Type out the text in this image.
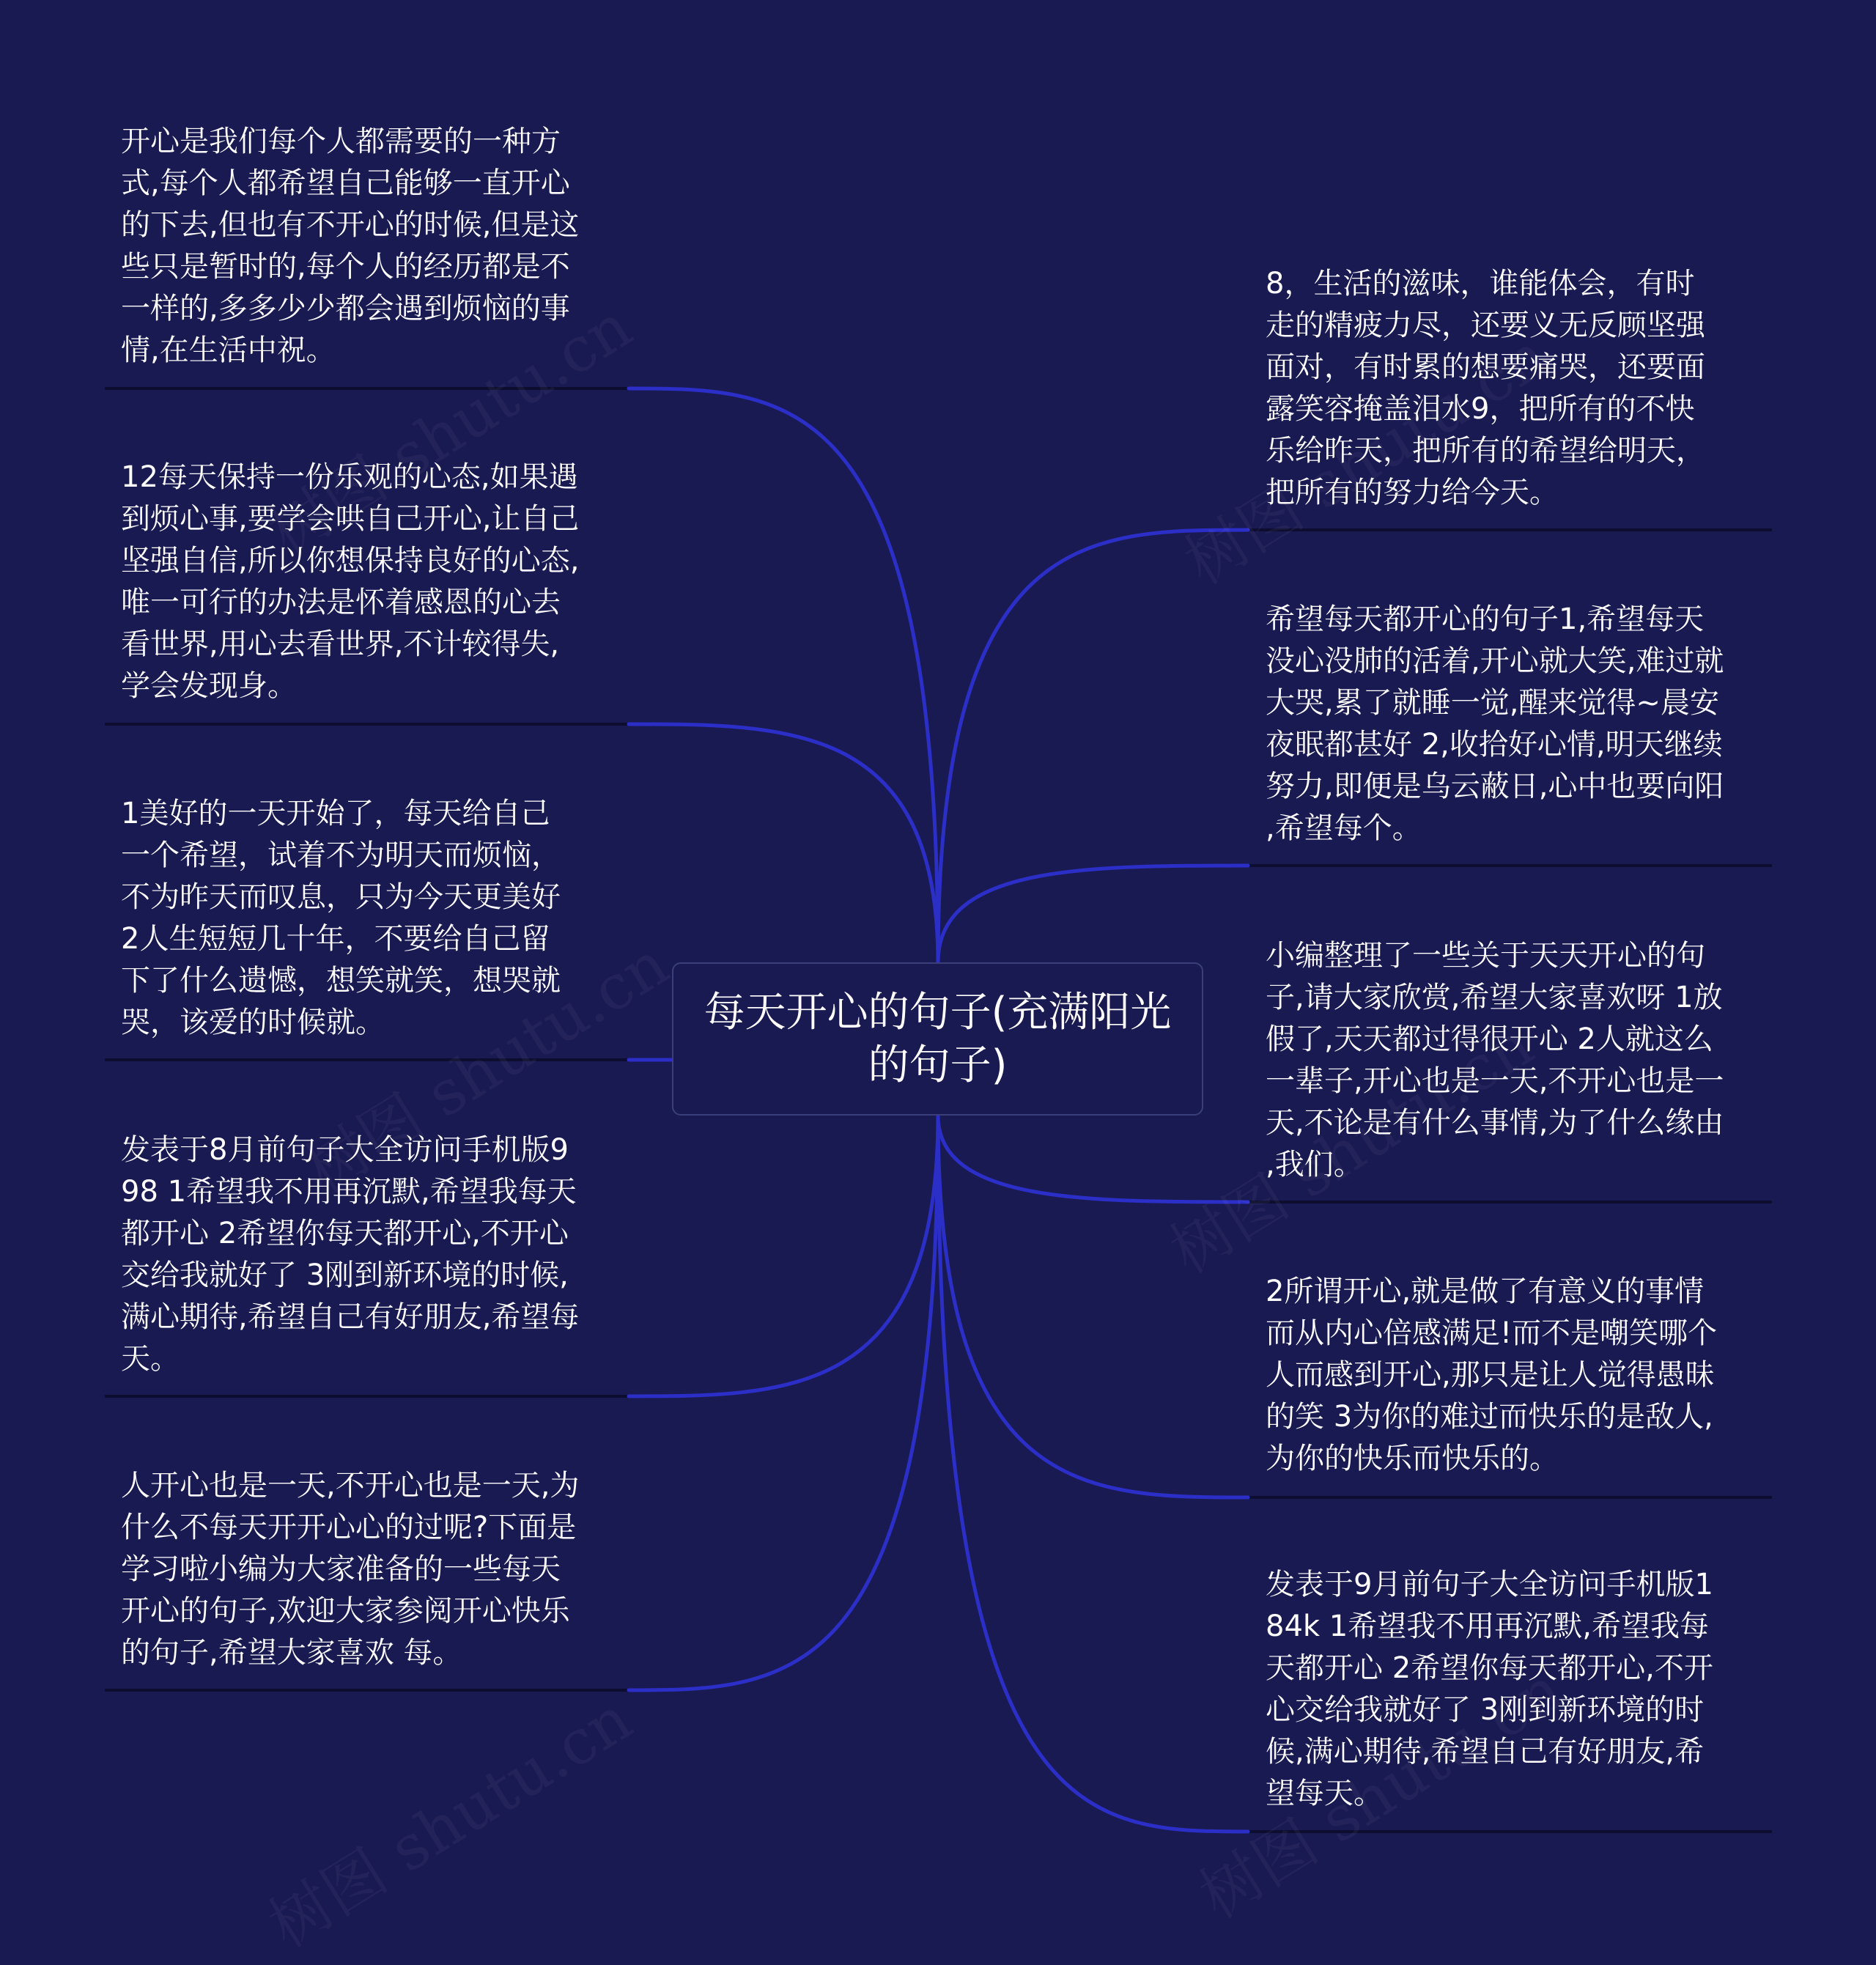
每天开心的句子(充满阳光
的句子)
开心是我们每个人都需要的一种方
式,每个人都希望自己能够一直开心
的下去,但也有不开心的时候,但是这
些只是暂时的,每个人的经历都是不
一样的,多多少少都会遇到烦恼的事
情,在生活中祝。
12每天保持一份乐观的心态,如果遇
到烦心事,要学会哄自己开心,让自己
坚强自信,所以你想保持良好的心态,
唯一可行的办法是怀着感恩的心去
看世界,用心去看世界,不计较得失,
学会发现身。
1美好的一天开始了，每天给自己
一个希望，试着不为明天而烦恼，
不为昨天而叹息，只为今天更美好
2人生短短几十年，不要给自己留
下了什么遗憾，想笑就笑，想哭就
哭，该爱的时候就。
发表于8月前句子大全访问手机版9
98 1希望我不用再沉默,希望我每天
都开心 2希望你每天都开心,不开心
交给我就好了 3刚到新环境的时候,
满心期待,希望自己有好朋友,希望每
天。
人开心也是一天,不开心也是一天,为
什么不每天开开心心的过呢?下面是
学习啦小编为大家准备的一些每天
开心的句子,欢迎大家参阅开心快乐
的句子,希望大家喜欢 每。
8，生活的滋味，谁能体会，有时
走的精疲力尽，还要义无反顾坚强
面对，有时累的想要痛哭，还要面
露笑容掩盖泪水9，把所有的不快
乐给昨天，把所有的希望给明天，
把所有的努力给今天。
希望每天都开心的句子1,希望每天
没心没肺的活着,开心就大笑,难过就
大哭,累了就睡一觉,醒来觉得~晨安
夜眠都甚好 2,收拾好心情,明天继续
努力,即便是乌云蔽日,心中也要向阳
,希望每个。
小编整理了一些关于天天开心的句
子,请大家欣赏,希望大家喜欢呀 1放
假了,天天都过得很开心 2人就这么
一辈子,开心也是一天,不开心也是一
天,不论是有什么事情,为了什么缘由
,我们。
2所谓开心,就是做了有意义的事情
而从内心倍感满足!而不是嘲笑哪个
人而感到开心,那只是让人觉得愚昧
的笑 3为你的难过而快乐的是敌人,
为你的快乐而快乐的。
发表于9月前句子大全访问手机版1
84k 1希望我不用再沉默,希望我每
天都开心 2希望你每天都开心,不开
心交给我就好了 3刚到新环境的时
候,满心期待,希望自己有好朋友,希
望每天。
